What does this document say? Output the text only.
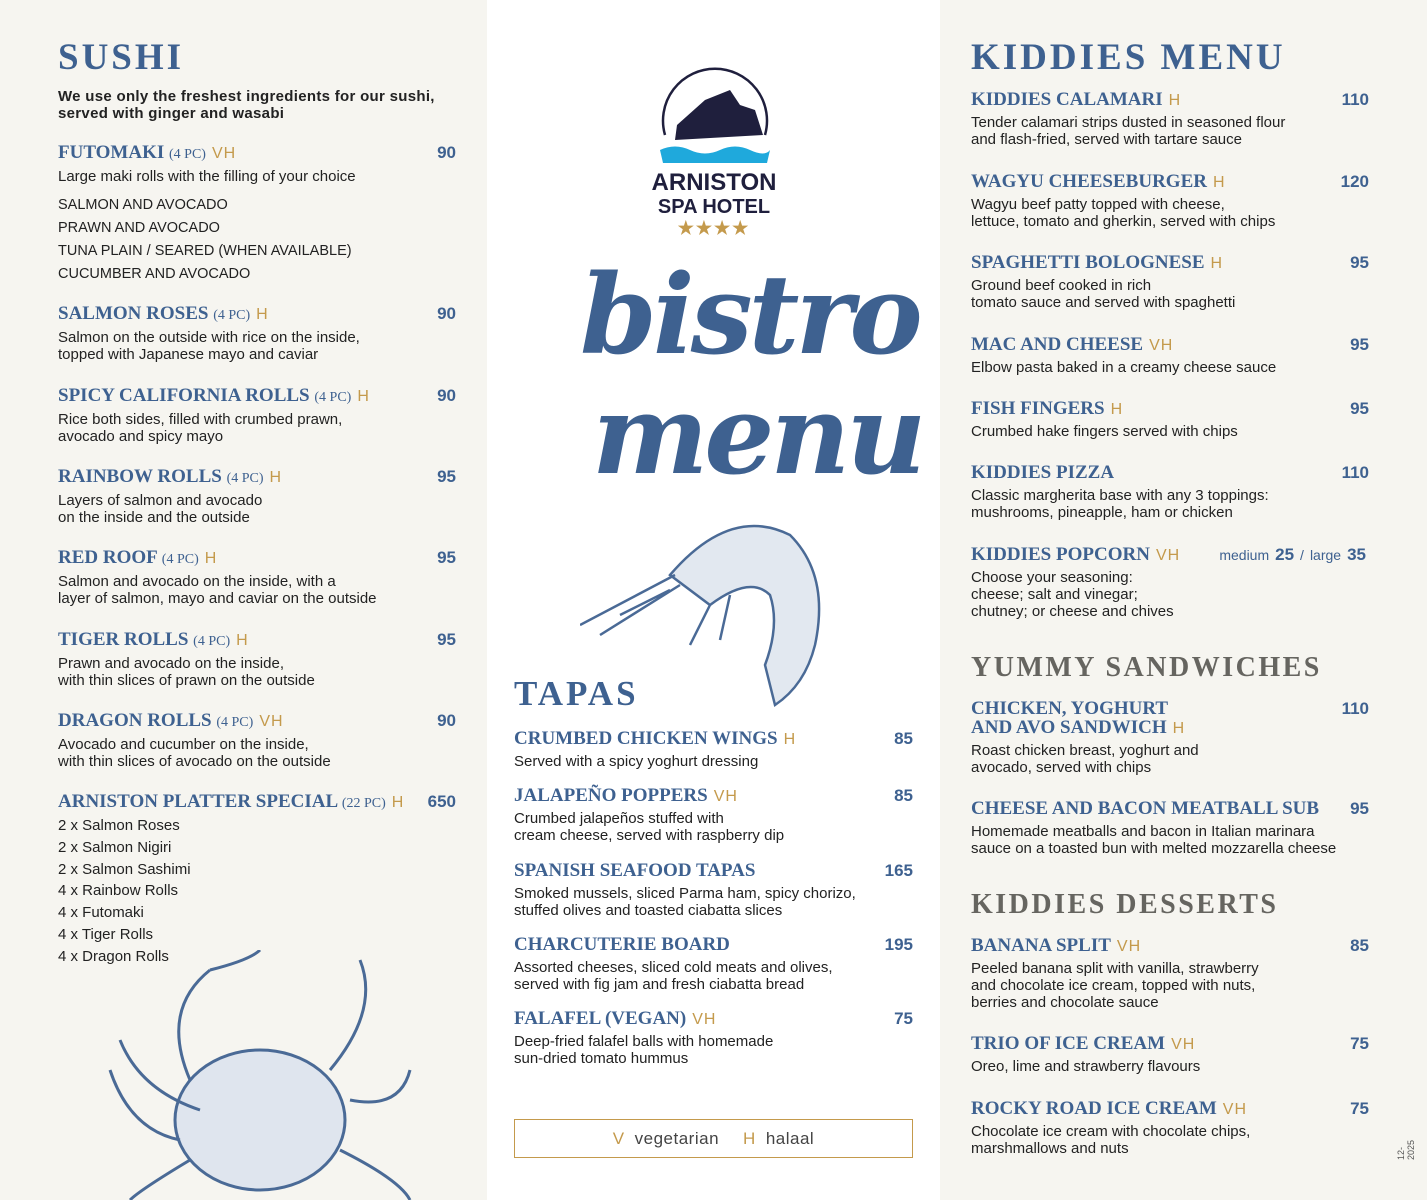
SUSHI
We use only the freshest ingredients for our sushi, served with ginger and wasabi
SALMON AND AVOCADO
PRAWN AND AVOCADO
TUNA PLAIN / SEARED (WHEN AVAILABLE)
CUCUMBER AND AVOCADO
2 x Salmon Roses
2 x Salmon Nigiri
2 x Salmon Sashimi
4 x Rainbow Rolls
4 x Futomaki
4 x Tiger Rolls
4 x Dragon Rolls
ARNISTON
SPA HOTEL
★★★★
bistro
menu
TAPAS
V vegetarian H halaal
KIDDIES MENU
YUMMY SANDWICHES
KIDDIES DESSERTS
12-2025
FUTOMAKI (4 PC) VH	90
Large maki rolls with the filling of your choice
SALMON ROSES (4 PC) H	90
Salmon on the outside with rice on the inside,
topped with Japanese mayo and caviar
SPICY CALIFORNIA ROLLS (4 PC) H	90
Rice both sides, filled with crumbed prawn,
avocado and spicy mayo
RAINBOW ROLLS (4 PC) H	95
Layers of salmon and avocado
on the inside and the outside
RED ROOF (4 PC) H	95
Salmon and avocado on the inside, with a
layer of salmon, mayo and caviar on the outside
TIGER ROLLS (4 PC) H	95
Prawn and avocado on the inside,
with thin slices of prawn on the outside
DRAGON ROLLS (4 PC) VH	90
Avocado and cucumber on the inside,
with thin slices of avocado on the outside
ARNISTON PLATTER SPECIAL (22 PC) H 650
CRUMBED CHICKEN WINGS H	85
Served with a spicy yoghurt dressing
JALAPEÑO POPPERS VH	85
Crumbed jalapeños stuffed with
cream cheese, served with raspberry dip
SPANISH SEAFOOD TAPAS	165
Smoked mussels, sliced Parma ham, spicy chorizo,
stuffed olives and toasted ciabatta slices
CHARCUTERIE BOARD	195
Assorted cheeses, sliced cold meats and olives,
served with fig jam and fresh ciabatta bread
FALAFEL (VEGAN) VH	75
Deep-fried falafel balls with homemade
sun-dried tomato hummus
KIDDIES CALAMARI H	110
Tender calamari strips dusted in seasoned flour
and flash-fried, served with tartare sauce
WAGYU CHEESEBURGER H	120
Wagyu beef patty topped with cheese,
lettuce, tomato and gherkin, served with chips
SPAGHETTI BOLOGNESE H	95
Ground beef cooked in rich
tomato sauce and served with spaghetti
MAC AND CHEESE VH	95
Elbow pasta baked in a creamy cheese sauce
FISH FINGERS H	95
Crumbed hake fingers served with chips
KIDDIES PIZZA	110
Classic margherita base with any 3 toppings:
mushrooms, pineapple, ham or chicken
KIDDIES POPCORN VH	medium 25 / large 35
Choose your seasoning:
cheese; salt and vinegar;
chutney; or cheese and chives
CHICKEN, YOGHURT
AND AVO SANDWICH H
110
Roast chicken breast, yoghurt and
avocado, served with chips
CHEESE AND BACON MEATBALL SUB 95
Homemade meatballs and bacon in Italian marinara
sauce on a toasted bun with melted mozzarella cheese
BANANA SPLIT VH	85
Peeled banana split with vanilla, strawberry
and chocolate ice cream, topped with nuts,
berries and chocolate sauce
TRIO OF ICE CREAM VH	75
Oreo, lime and strawberry flavours
ROCKY ROAD ICE CREAM VH	75
Chocolate ice cream with chocolate chips,
marshmallows and nuts
